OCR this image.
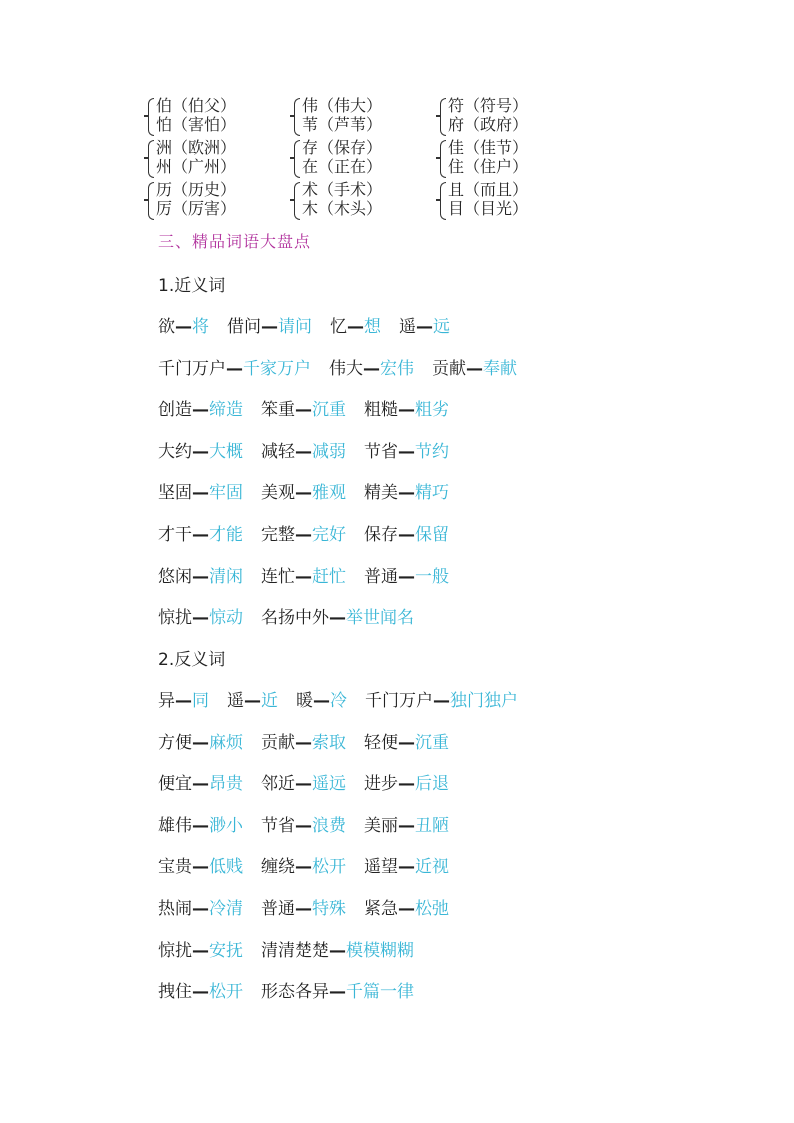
伯（伯父）
怕（害怕）
伟（伟大）
苇（芦苇）
符（符号）
府（政府）
洲（欧洲）
州（广州）
存（保存）
在（正在）
佳（佳节）
住（住户）
历（历史）
厉（厉害）
术（手术）
木（木头）
且（而且）
目（目光）
三、精品词语大盘点
1.近义词
欲—将 借问—请问 忆—想 遥—远
千门万户—千家万户 伟大—宏伟 贡献—奉献
创造—缔造 笨重—沉重 粗糙—粗劣
大约—大概 减轻—减弱 节省—节约
坚固—牢固 美观—雅观 精美—精巧
才干—才能 完整—完好 保存—保留
悠闲—清闲 连忙—赶忙 普通—一般
惊扰—惊动 名扬中外—举世闻名
2.反义词
异—同 遥—近 暖—冷 千门万户—独门独户
方便—麻烦 贡献—索取 轻便—沉重
便宜—昂贵 邻近—遥远 进步—后退
雄伟—渺小 节省—浪费 美丽—丑陋
宝贵—低贱 缠绕—松开 遥望—近视
热闹—冷清 普通—特殊 紧急—松弛
惊扰—安抚 清清楚楚—模模糊糊
拽住—松开 形态各异—千篇一律
